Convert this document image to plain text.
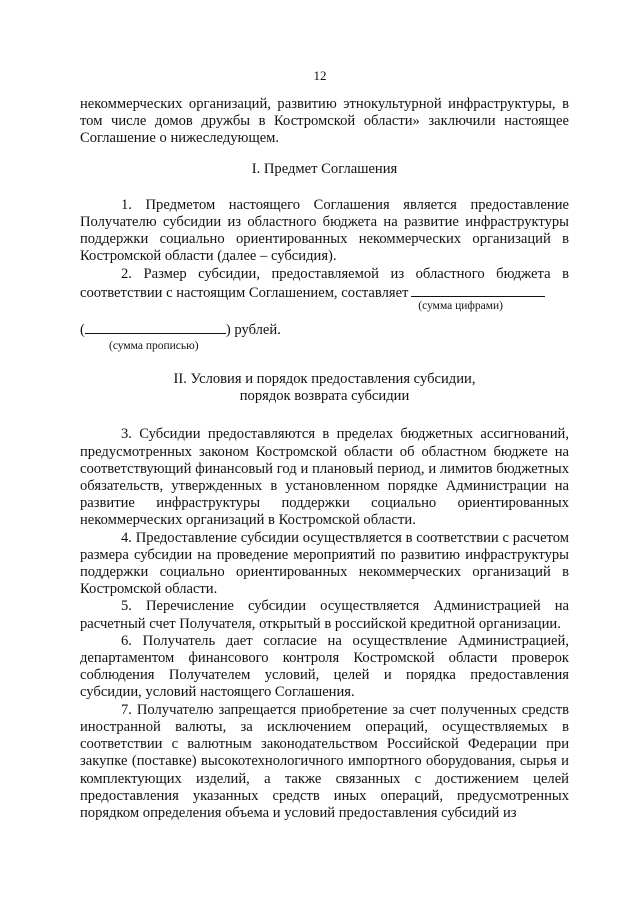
12

некоммерческих организаций, развитию этнокультурной инфраструктуры, в том числе домов дружбы в Костромской области» заключили настоящее Соглашение о нижеследующем.

I. Предмет Соглашения

1. Предметом настоящего Соглашения является предоставление Получателю субсидии из областного бюджета на развитие инфраструктуры поддержки социально ориентированных некоммерческих организаций в Костромской области (далее – субсидия).

2. Размер субсидии, предоставляемой из областного бюджета в соответствии с настоящим Соглашением, составляет

(сумма цифрами)
(	) рублей.
(сумма прописью)
II. Условия и порядок предоставления субсидии,
порядок возврата субсидии

3. Субсидии предоставляются в пределах бюджетных ассигнований, предусмотренных законом Костромской области об областном бюджете на соответствующий финансовый год и плановый период, и лимитов бюджетных обязательств, утвержденных в установленном порядке Администрации на развитие инфраструктуры поддержки социально ориентированных некоммерческих организаций в Костромской области.

4. Предоставление субсидии осуществляется в соответствии с расчетом размера субсидии на проведение мероприятий по развитию инфраструктуры поддержки социально ориентированных некоммерческих организаций в Костромской области.

5. Перечисление субсидии осуществляется Администрацией на расчетный счет Получателя, открытый в российской кредитной организации.

6. Получатель дает согласие на осуществление Администрацией, департаментом финансового контроля Костромской области проверок соблюдения Получателем условий, целей и порядка предоставления субсидии, условий настоящего Соглашения.

7. Получателю запрещается приобретение за счет полученных средств иностранной валюты, за исключением операций, осуществляемых в соответствии с валютным законодательством Российской Федерации при закупке (поставке) высокотехнологичного импортного оборудования, сырья и комплектующих изделий, а также связанных с достижением целей предоставления указанных средств иных операций, предусмотренных порядком определения объема и условий предоставления субсидий из
